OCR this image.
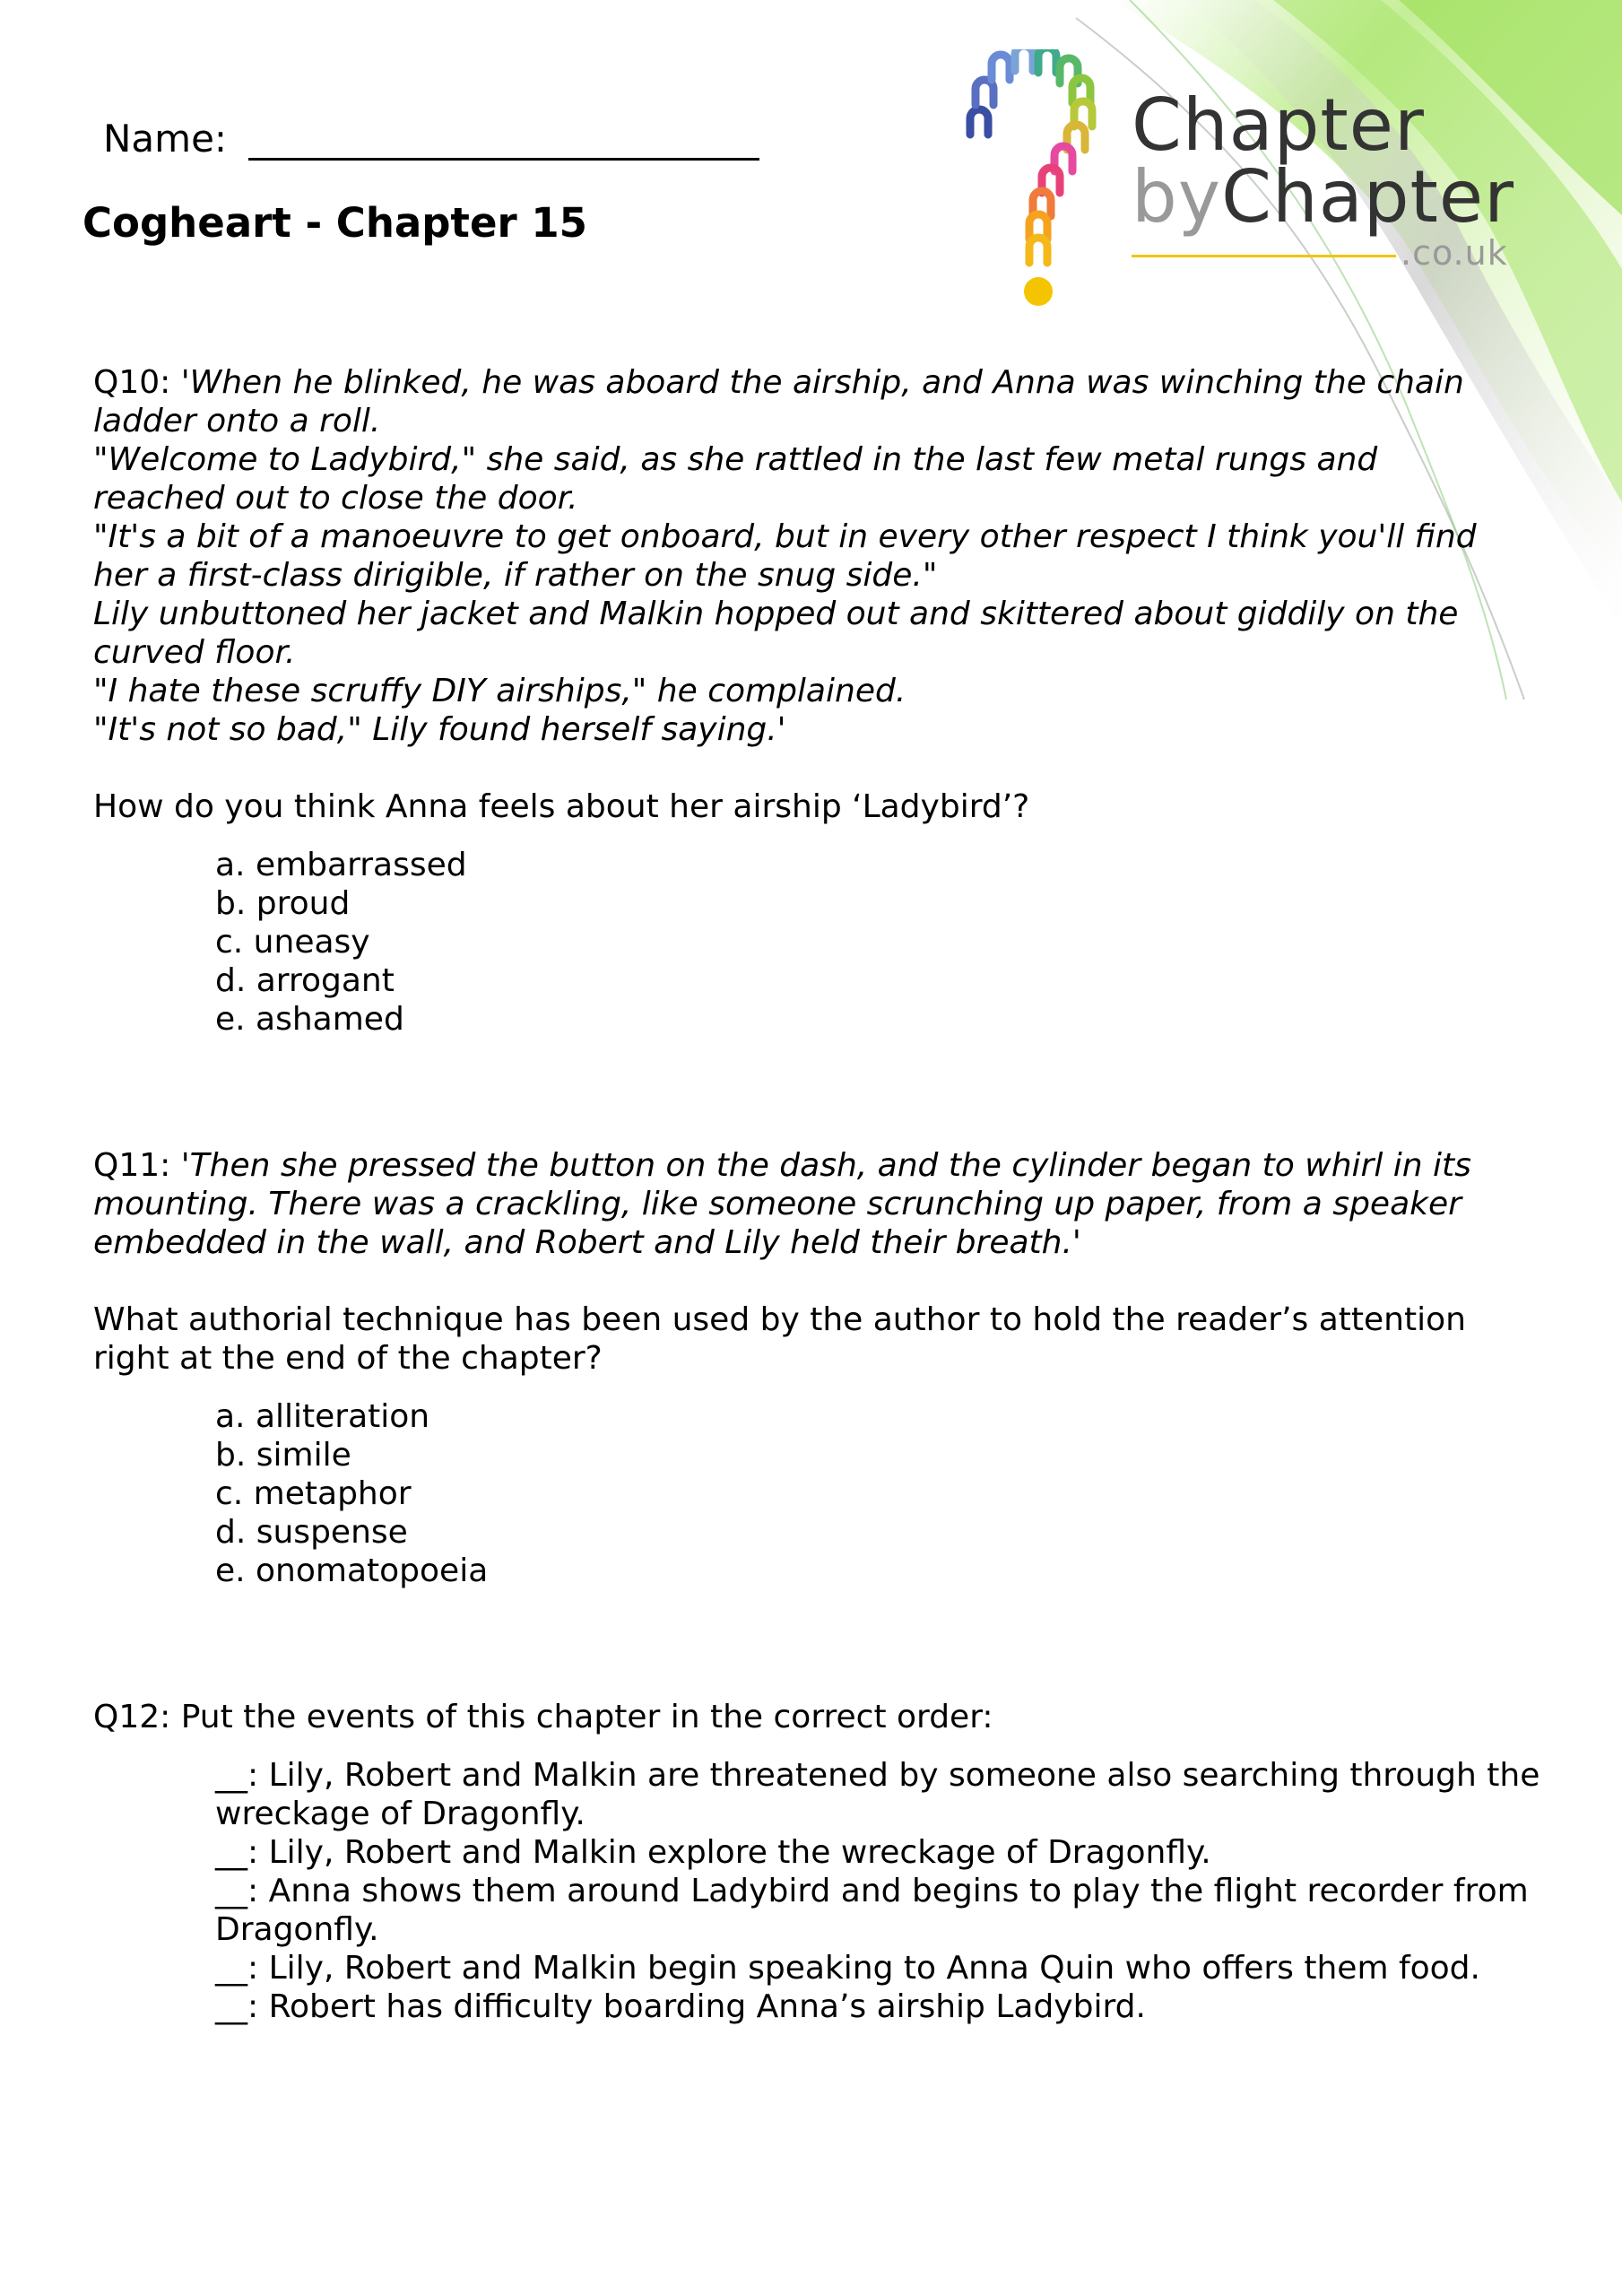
Chapter
byChapter
.co.uk
Name:
Cogheart - Chapter 15

Q10: 'When he blinked, he was aboard the airship, and Anna was winching the chain

ladder onto a roll.

"Welcome to Ladybird," she said, as she rattled in the last few metal rungs and

reached out to close the door.

"It's a bit of a manoeuvre to get onboard, but in every other respect I think you'll find

her a first-class dirigible, if rather on the snug side."

Lily unbuttoned her jacket and Malkin hopped out and skittered about giddily on the

curved floor.

"I hate these scruffy DIY airships," he complained.

"It's not so bad," Lily found herself saying.'

How do you think Anna feels about her airship ‘Ladybird’?

a. embarrassed
b. proud
c. uneasy
d. arrogant
e. ashamed

Q11: 'Then she pressed the button on the dash, and the cylinder began to whirl in its

mounting. There was a crackling, like someone scrunching up paper, from a speaker

embedded in the wall, and Robert and Lily held their breath.'

What authorial technique has been used by the author to hold the reader’s attention

right at the end of the chapter?

a. alliteration
b. simile
c. metaphor
d. suspense
e. onomatopoeia

Q12: Put the events of this chapter in the correct order:

__: Lily, Robert and Malkin are threatened by someone also searching through the wreckage of Dragonfly.
__: Lily, Robert and Malkin explore the wreckage of Dragonfly.
__: Anna shows them around Ladybird and begins to play the flight recorder from Dragonfly.
__: Lily, Robert and Malkin begin speaking to Anna Quin who offers them food.
__: Robert has difficulty boarding Anna’s airship Ladybird.
